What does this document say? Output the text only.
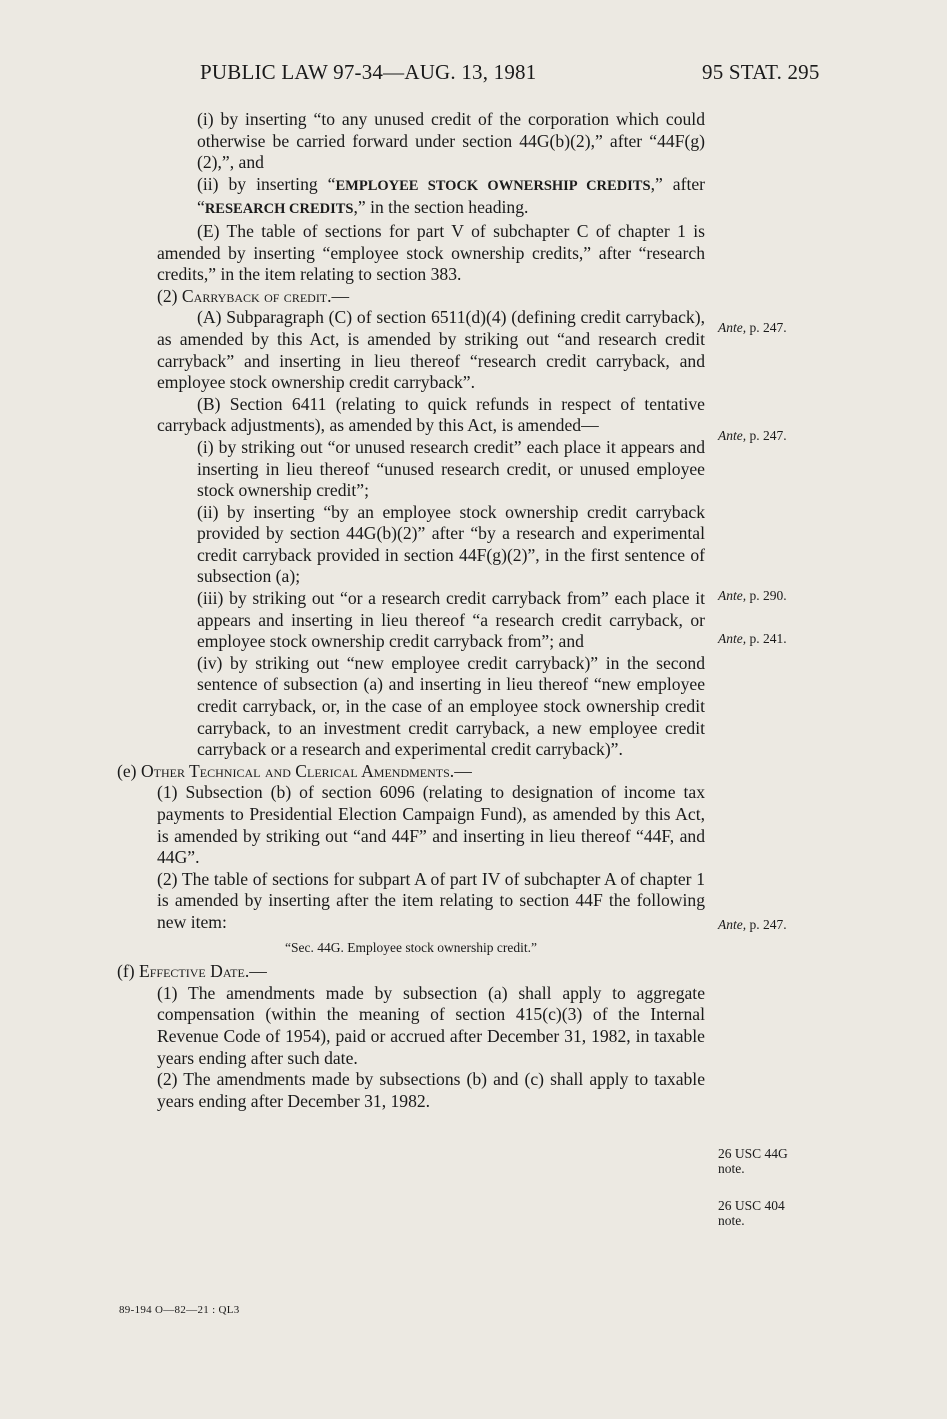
PUBLIC LAW 97-34—AUG. 13, 1981	95 STAT. 295

(i) by inserting “to any unused credit of the corporation which could otherwise be carried forward under section 44G(b)(2),” after “44F(g)(2),”, and

(ii) by inserting “EMPLOYEE STOCK OWNERSHIP CREDITS,” after “RESEARCH CREDITS,” in the section heading.

(E) The table of sections for part V of subchapter C of chapter 1 is amended by inserting “employee stock ownership credits,” after “research credits,” in the item relating to section 383.

(2) Carryback of credit.—

(A) Subparagraph (C) of section 6511(d)(4) (defining credit carryback), as amended by this Act, is amended by striking out “and research credit carryback” and inserting in lieu thereof “research credit carryback, and employee stock ownership credit carryback”.

(B) Section 6411 (relating to quick refunds in respect of tentative carryback adjustments), as amended by this Act, is amended—

(i) by striking out “or unused research credit” each place it appears and inserting in lieu thereof “unused research credit, or unused employee stock ownership credit”;

(ii) by inserting “by an employee stock ownership credit carryback provided by section 44G(b)(2)” after “by a research and experimental credit carryback provided in section 44F(g)(2)”, in the first sentence of subsection (a);

(iii) by striking out “or a research credit carryback from” each place it appears and inserting in lieu thereof “a research credit carryback, or employee stock ownership credit carryback from”; and

(iv) by striking out “new employee credit carryback)” in the second sentence of subsection (a) and inserting in lieu thereof “new employee credit carryback, or, in the case of an employee stock ownership credit carryback, to an investment credit carryback, a new employee credit carryback or a research and experimental credit carryback)”.

(e) Other Technical and Clerical Amendments.—

(1) Subsection (b) of section 6096 (relating to designation of income tax payments to Presidential Election Campaign Fund), as amended by this Act, is amended by striking out “and 44F” and inserting in lieu thereof “44F, and 44G”.

(2) The table of sections for subpart A of part IV of subchapter A of chapter 1 is amended by inserting after the item relating to section 44F the following new item:

“Sec. 44G. Employee stock ownership credit.”

(f) Effective Date.—

(1) The amendments made by subsection (a) shall apply to aggregate compensation (within the meaning of section 415(c)(3) of the Internal Revenue Code of 1954), paid or accrued after December 31, 1982, in taxable years ending after such date.

(2) The amendments made by subsections (b) and (c) shall apply to taxable years ending after December 31, 1982.

Ante, p. 247.
Ante, p. 247.
Ante, p. 290.
Ante, p. 241.
Ante, p. 247.
26 USC 44G
note.
26 USC 404
note.
89-194 O—82—21 : QL3
